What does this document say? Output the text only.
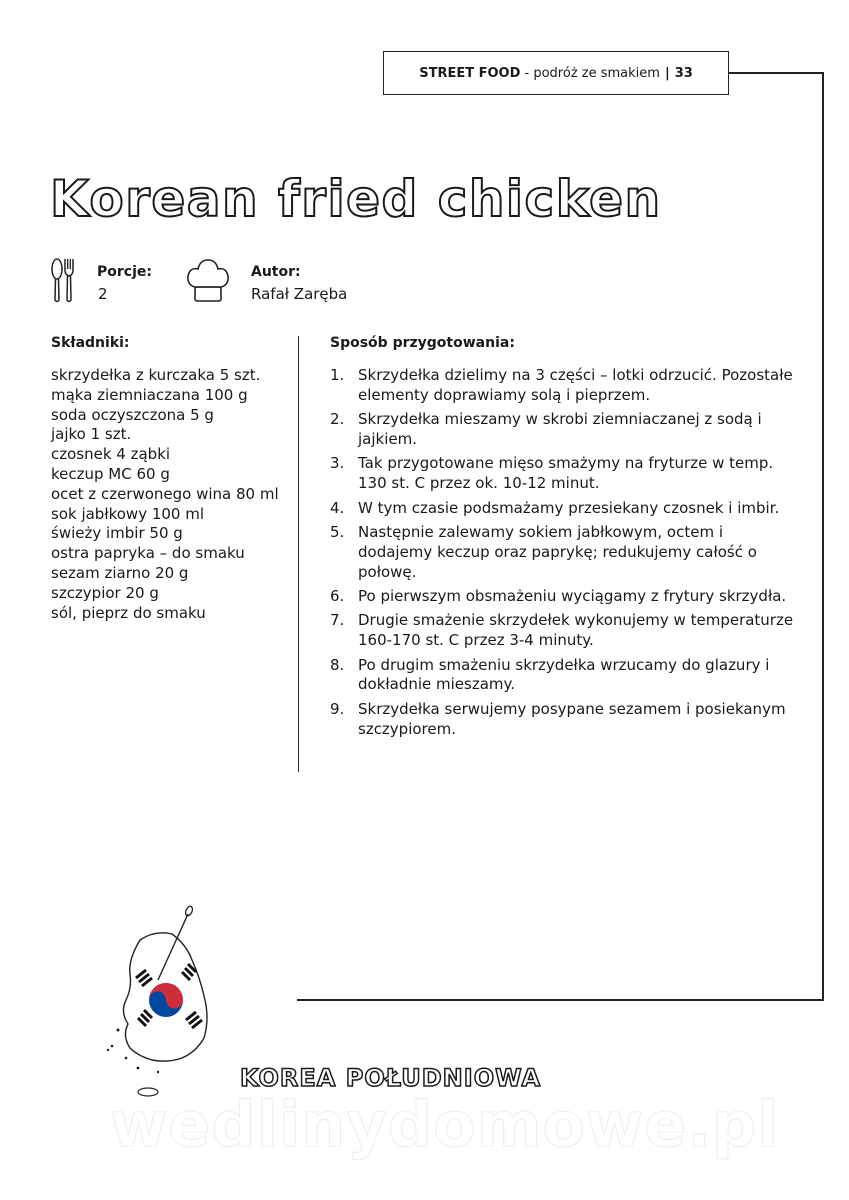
STREET FOOD - podróż ze smakiem | 33
Korean fried chicken
Porcje:
2
Autor:
Rafał Zaręba
Składniki:
skrzydełka z kurczaka 5 szt.
mąka ziemniaczana 100 g
soda oczyszczona 5 g
jajko 1 szt.
czosnek 4 ząbki
keczup MC 60 g
ocet z czerwonego wina 80 ml
sok jabłkowy 100 ml
świeży imbir 50 g
ostra papryka – do smaku
sezam ziarno 20 g
szczypior 20 g
sól, pieprz do smaku
Sposób przygotowania:
1. Skrzydełka dzielimy na 3 części – lotki odrzucić. Pozostałe elementy doprawiamy solą i pieprzem.
2. Skrzydełka mieszamy w skrobi ziemniaczanej z sodą i jajkiem.
3. Tak przygotowane mięso smażymy na fryturze w temp. 130 st. C przez ok. 10-12 minut.
4. W tym czasie podsmażamy przesiekany czosnek i imbir.
5. Następnie zalewamy sokiem jabłkowym, octem i dodajemy keczup oraz paprykę; redukujemy całość o połowę.
6. Po pierwszym obsmażeniu wyciągamy z frytury skrzydła.
7. Drugie smażenie skrzydełek wykonujemy w temperaturze 160-170 st. C przez 3-4 minuty.
8. Po drugim smażeniu skrzydełka wrzucamy do glazury i dokładnie mieszamy.
9. Skrzydełka serwujemy posypane sezamem i posiekanym szczypiorem.
KOREA POŁUDNIOWA
wedlinydomowe.pl
